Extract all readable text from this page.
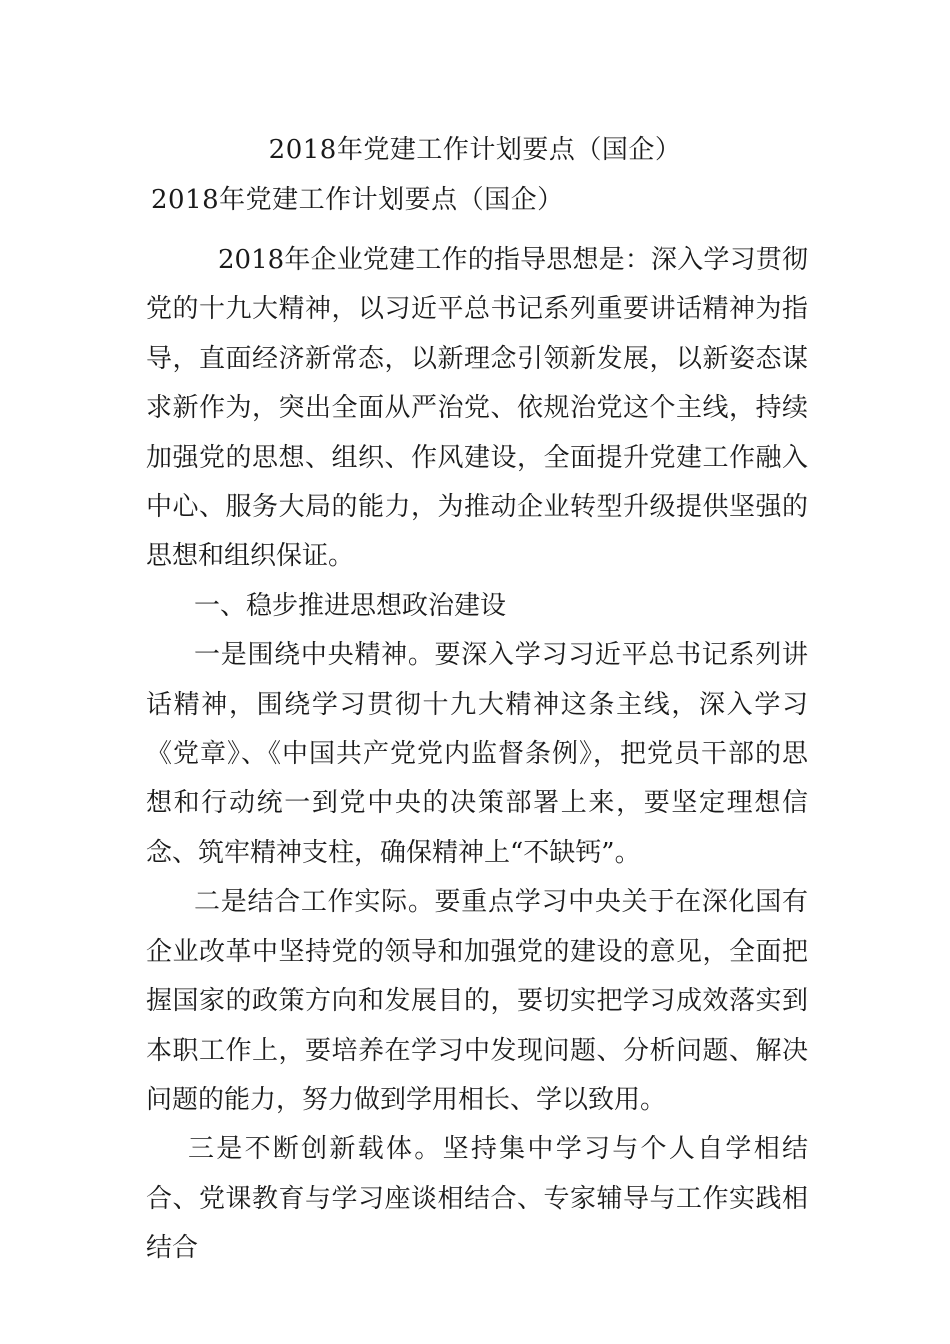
2018年党建工作计划要点（国企）
2018年党建工作计划要点（国企）

2018年企业党建工作的指导思想是：深入学习贯彻党的十九大精神，以习近平总书记系列重要讲话精神为指导，直面经济新常态，以新理念引领新发展，以新姿态谋求新作为，突出全面从严治党、依规治党这个主线，持续加强党的思想、组织、作风建设，全面提升党建工作融入中心、服务大局的能力，为推动企业转型升级提供坚强的思想和组织保证。

一、稳步推进思想政治建设

一是围绕中央精神。要深入学习习近平总书记系列讲话精神，围绕学习贯彻十九大精神这条主线，深入学习《党章》、《中国共产党党内监督条例》，把党员干部的思想和行动统一到党中央的决策部署上来，要坚定理想信念、筑牢精神支柱，确保精神上“不缺钙”。

二是结合工作实际。要重点学习中央关于在深化国有企业改革中坚持党的领导和加强党的建设的意见，全面把握国家的政策方向和发展目的，要切实把学习成效落实到本职工作上，要培养在学习中发现问题、分析问题、解决问题的能力，努力做到学用相长、学以致用。

三是不断创新载体。坚持集中学习与个人自学相结合、党课教育与学习座谈相结合、专家辅导与工作实践相结合
